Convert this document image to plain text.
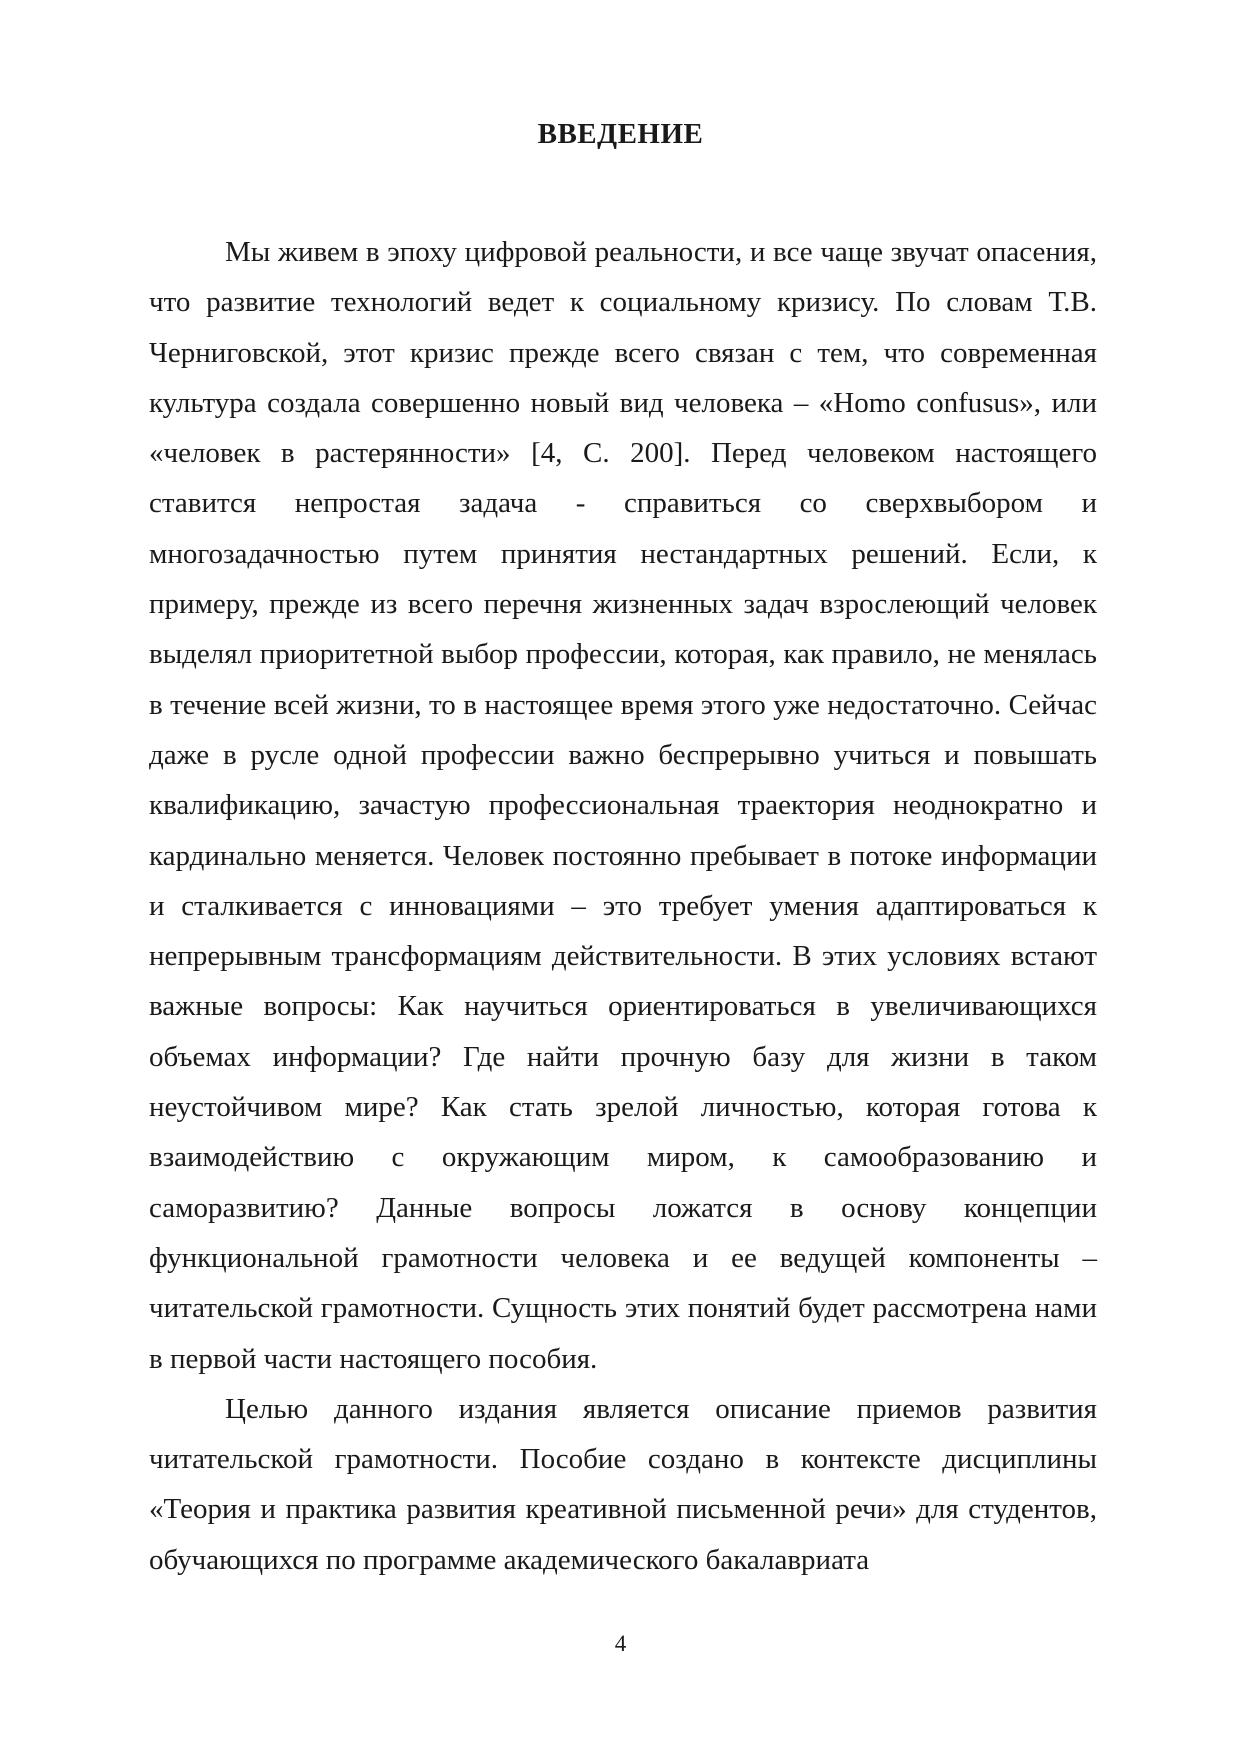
ВВЕДЕНИЕ

Мы живем в эпоху цифровой реальности, и все чаще звучат опасения, что развитие технологий ведет к социальному кризису. По словам Т.В. Черниговской, этот кризис прежде всего связан с тем, что современная культура создала совершенно новый вид человека – «Homo confusus», или «человек в растерянности» [4, С. 200]. Перед человеком настоящего ставится непростая задача - справиться со сверхвыбором и многозадачностью путем принятия нестандартных решений. Если, к примеру, прежде из всего перечня жизненных задач взрослеющий человек выделял приоритетной выбор профессии, которая, как правило, не менялась в течение всей жизни, то в настоящее время этого уже недостаточно. Сейчас даже в русле одной профессии важно беспрерывно учиться и повышать квалификацию, зачастую профессиональная траектория неоднократно и кардинально меняется. Человек постоянно пребывает в потоке информации и сталкивается с инновациями – это требует умения адаптироваться к непрерывным трансформациям действительности. В этих условиях встают важные вопросы: Как научиться ориентироваться в увеличивающихся объемах информации? Где найти прочную базу для жизни в таком неустойчивом мире? Как стать зрелой личностью, которая готова к взаимодействию с окружающим миром, к самообразованию и саморазвитию? Данные вопросы ложатся в основу концепции функциональной грамотности человека и ее ведущей компоненты – читательской грамотности. Сущность этих понятий будет рассмотрена нами в первой части настоящего пособия.

Целью данного издания является описание приемов развития читательской грамотности. Пособие создано в контексте дисциплины «Теория и практика развития креативной письменной речи» для студентов, обучающихся по программе академического бакалавриата

4
